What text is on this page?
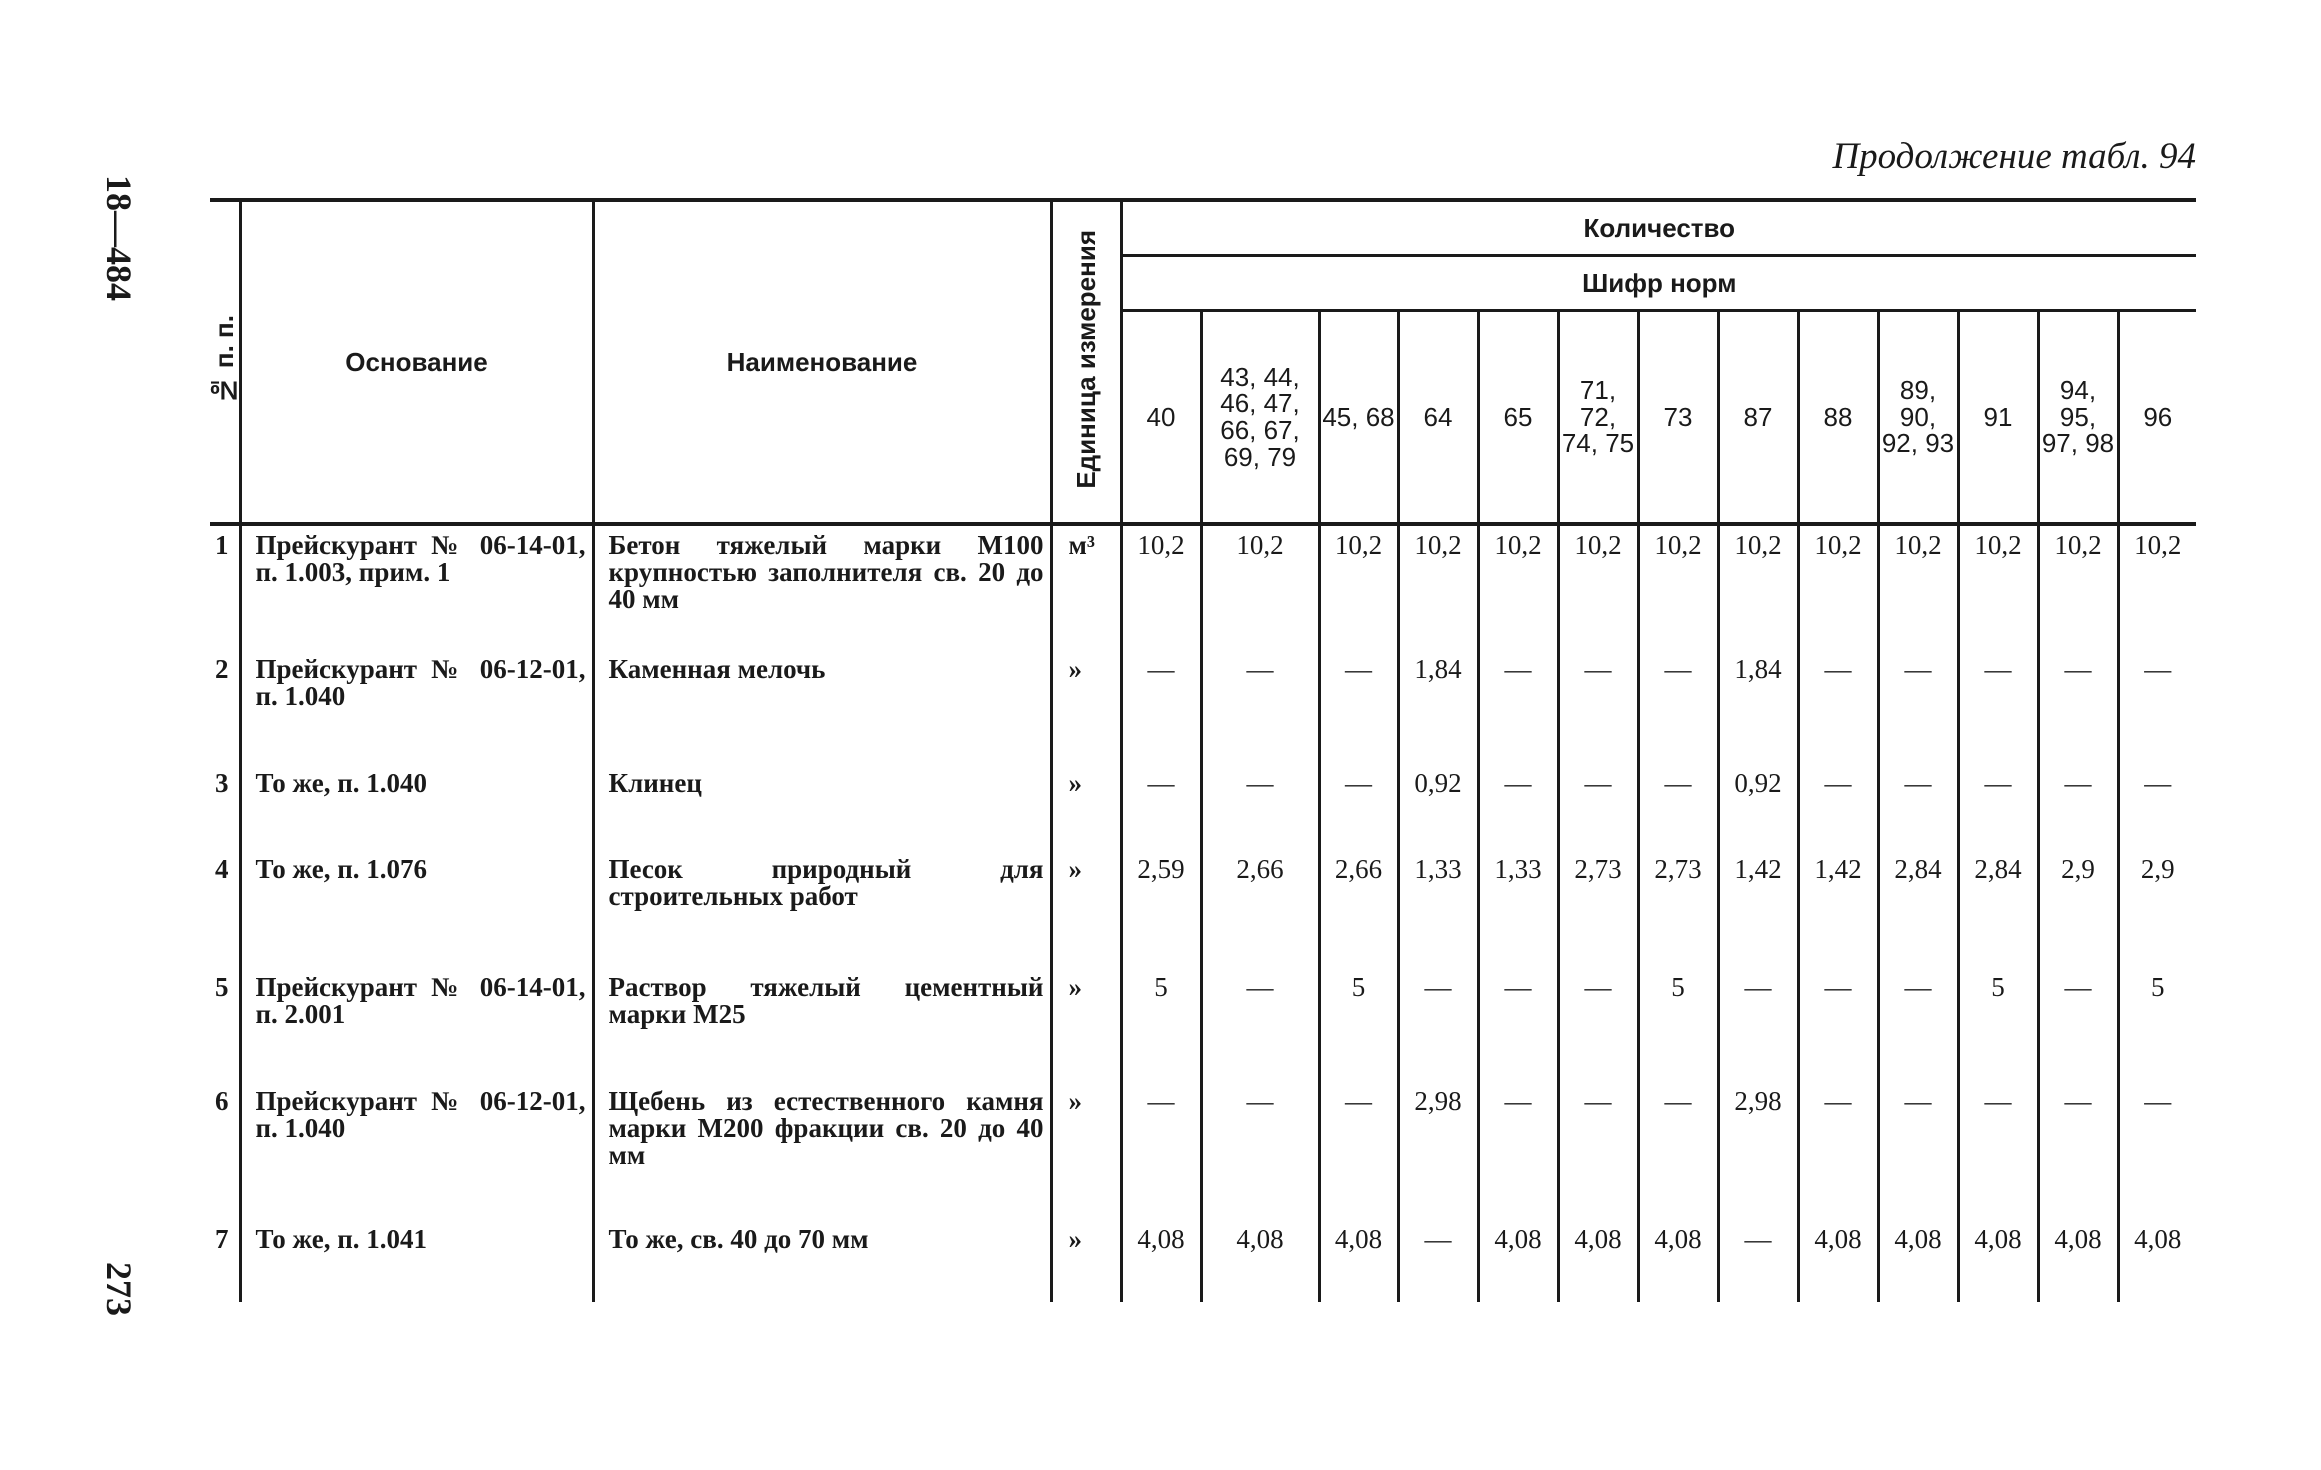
18—484
273
Продолжение табл. 94
№ п. п.	Основание	Наименование	Единица измерения	Количество												
				Шифр норм												
				40	43, 44, 46, 47, 66, 67, 69, 79	45, 68	64	65	71, 72, 74, 75	73	87	88	89, 90, 92, 93	91	94, 95, 97, 98	96
1	Прейскурант № 06-14-01, п. 1.003, прим. 1	Бетон тяжелый марки М100 крупностью заполнителя св. 20 до 40 мм	м³	10,2	10,2	10,2	10,2	10,2	10,2	10,2	10,2	10,2	10,2	10,2	10,2	10,2
2	Прейскурант № 06-12-01, п. 1.040	Каменная мелочь	»	—	—	—	1,84	—	—	—	1,84	—	—	—	—	—
3	То же, п. 1.040	Клинец	»	—	—	—	0,92	—	—	—	0,92	—	—	—	—	—
4	То же, п. 1.076	Песок природный для строительных работ	»	2,59	2,66	2,66	1,33	1,33	2,73	2,73	1,42	1,42	2,84	2,84	2,9	2,9
5	Прейскурант № 06-14-01, п. 2.001	Раствор тяжелый цементный марки М25	»	5	—	5	—	—	—	5	—	—	—	5	—	5
6	Прейскурант № 06-12-01, п. 1.040	Щебень из естественного камня марки М200 фракции св. 20 до 40 мм	»	—	—	—	2,98	—	—	—	2,98	—	—	—	—	—
7	То же, п. 1.041	То же, св. 40 до 70 мм	»	4,08	4,08	4,08	—	4,08	4,08	4,08	—	4,08	4,08	4,08	4,08	4,08
